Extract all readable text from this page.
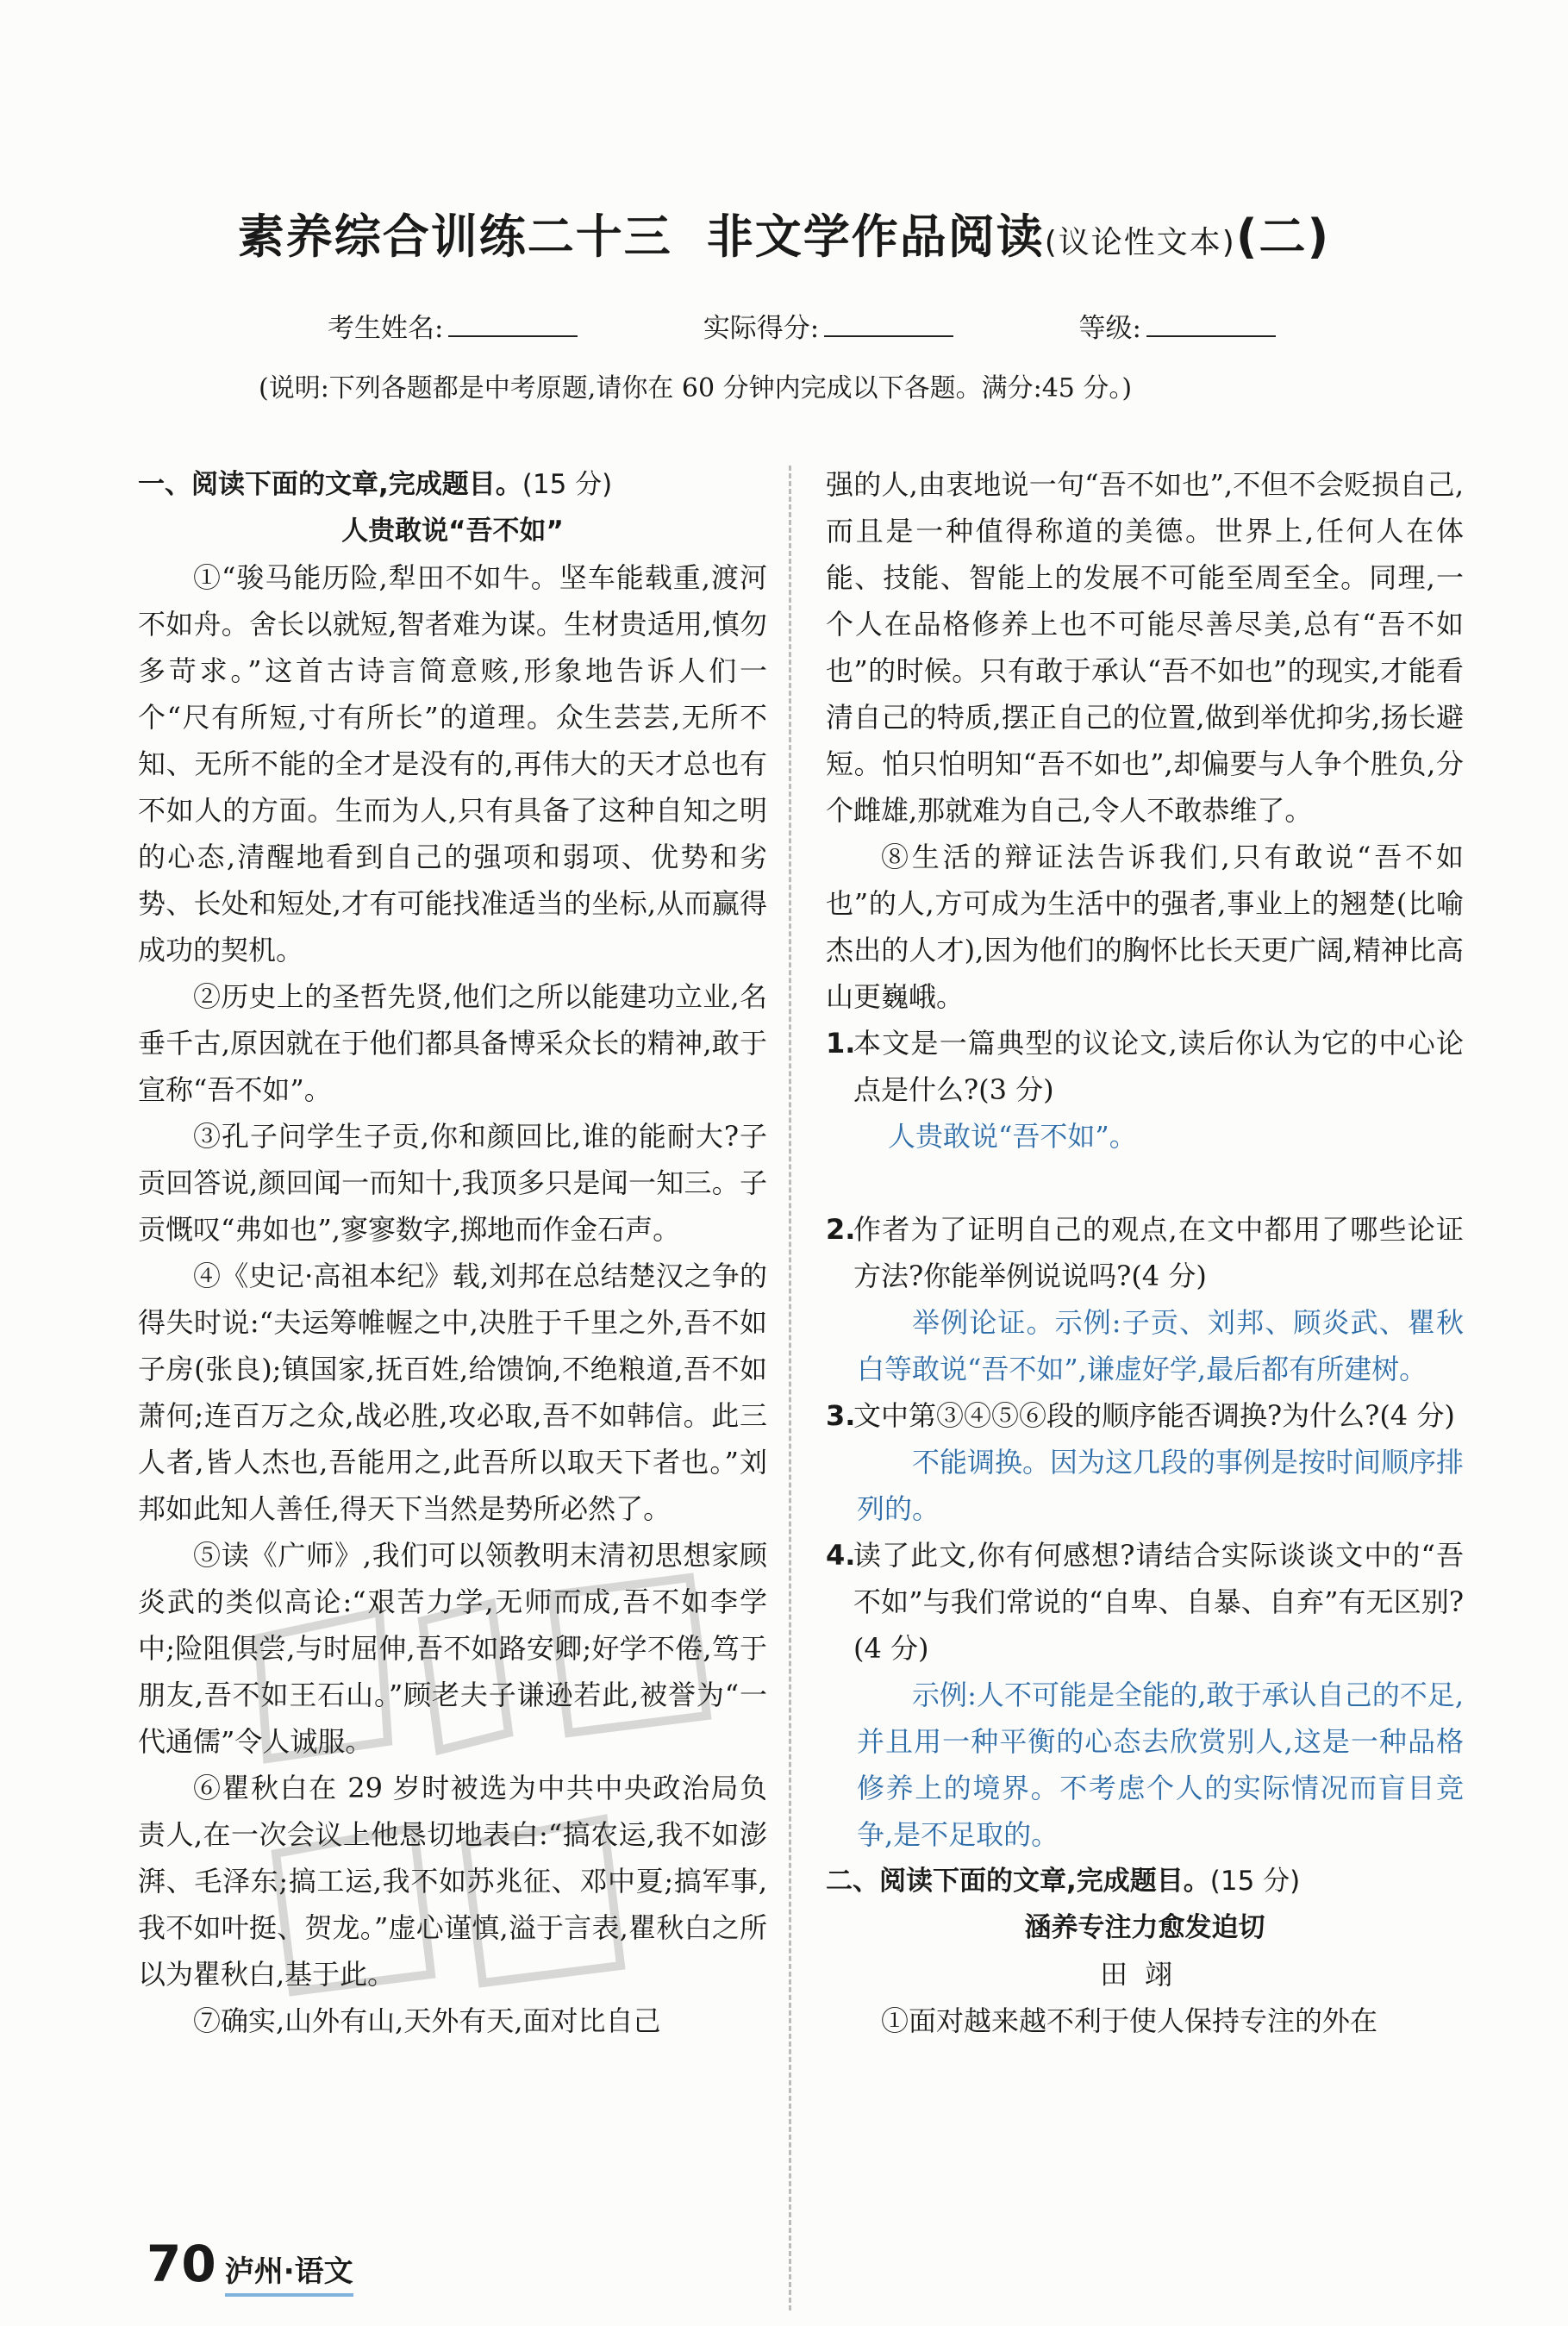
素养综合训练二十三 非文学作品阅读(议论性文本)(二)
考生姓名:	实际得分:	等级:
(说明:下列各题都是中考原题,请你在 60 分钟内完成以下各题。满分:45 分。)
一、阅读下面的文章,完成题目。(15 分)
人贵敢说“吾不如”

①“骏马能历险,犁田不如牛。坚车能载重,渡河不如舟。舍长以就短,智者难为谋。生材贵适用,慎勿多苛求。”这首古诗言简意赅,形象地告诉人们一个“尺有所短,寸有所长”的道理。众生芸芸,无所不知、无所不能的全才是没有的,再伟大的天才总也有不如人的方面。生而为人,只有具备了这种自知之明的心态,清醒地看到自己的强项和弱项、优势和劣势、长处和短处,才有可能找准适当的坐标,从而赢得成功的契机。

②历史上的圣哲先贤,他们之所以能建功立业,名垂千古,原因就在于他们都具备博采众长的精神,敢于宣称“吾不如”。

③孔子问学生子贡,你和颜回比,谁的能耐大?子贡回答说,颜回闻一而知十,我顶多只是闻一知三。子贡慨叹“弗如也”,寥寥数字,掷地而作金石声。

④《史记·高祖本纪》载,刘邦在总结楚汉之争的得失时说:“夫运筹帷幄之中,决胜于千里之外,吾不如子房(张良);镇国家,抚百姓,给馈饷,不绝粮道,吾不如萧何;连百万之众,战必胜,攻必取,吾不如韩信。此三人者,皆人杰也,吾能用之,此吾所以取天下者也。”刘邦如此知人善任,得天下当然是势所必然了。

⑤读《广师》,我们可以领教明末清初思想家顾炎武的类似高论:“艰苦力学,无师而成,吾不如李学中;险阻俱尝,与时屈伸,吾不如路安卿;好学不倦,笃于朋友,吾不如王石山。”顾老夫子谦逊若此,被誉为“一代通儒”令人诚服。

⑥瞿秋白在 29 岁时被选为中共中央政治局负责人,在一次会议上他恳切地表白:“搞农运,我不如澎湃、毛泽东;搞工运,我不如苏兆征、邓中夏;搞军事,我不如叶挺、贺龙。”虚心谨慎,溢于言表,瞿秋白之所以为瞿秋白,基于此。

⑦确实,山外有山,天外有天,面对比自己

强的人,由衷地说一句“吾不如也”,不但不会贬损自己,而且是一种值得称道的美德。世界上,任何人在体能、技能、智能上的发展不可能至周至全。同理,一个人在品格修养上也不可能尽善尽美,总有“吾不如也”的时候。只有敢于承认“吾不如也”的现实,才能看清自己的特质,摆正自己的位置,做到举优抑劣,扬长避短。怕只怕明知“吾不如也”,却偏要与人争个胜负,分个雌雄,那就难为自己,令人不敢恭维了。

⑧生活的辩证法告诉我们,只有敢说“吾不如也”的人,方可成为生活中的强者,事业上的翘楚(比喻杰出的人才),因为他们的胸怀比长天更广阔,精神比高山更巍峨。

1.

本文是一篇典型的议论文,读后你认为它的中心论点是什么?(3 分)

人贵敢说“吾不如”。

2.

作者为了证明自己的观点,在文中都用了哪些论证方法?你能举例说说吗?(4 分)

举例论证。示例:子贡、刘邦、顾炎武、瞿秋白等敢说“吾不如”,谦虚好学,最后都有所建树。

3.

文中第③④⑤⑥段的顺序能否调换?为什么?(4 分)

不能调换。因为这几段的事例是按时间顺序排列的。

4.

读了此文,你有何感想?请结合实际谈谈文中的“吾不如”与我们常说的“自卑、自暴、自弃”有无区别?(4 分)

示例:人不可能是全能的,敢于承认自己的不足,并且用一种平衡的心态去欣赏别人,这是一种品格修养上的境界。不考虑个人的实际情况而盲目竞争,是不足取的。

二、阅读下面的文章,完成题目。(15 分)
涵养专注力愈发迫切
田翊

①面对越来越不利于使人保持专注的外在

70 泸州·语文
